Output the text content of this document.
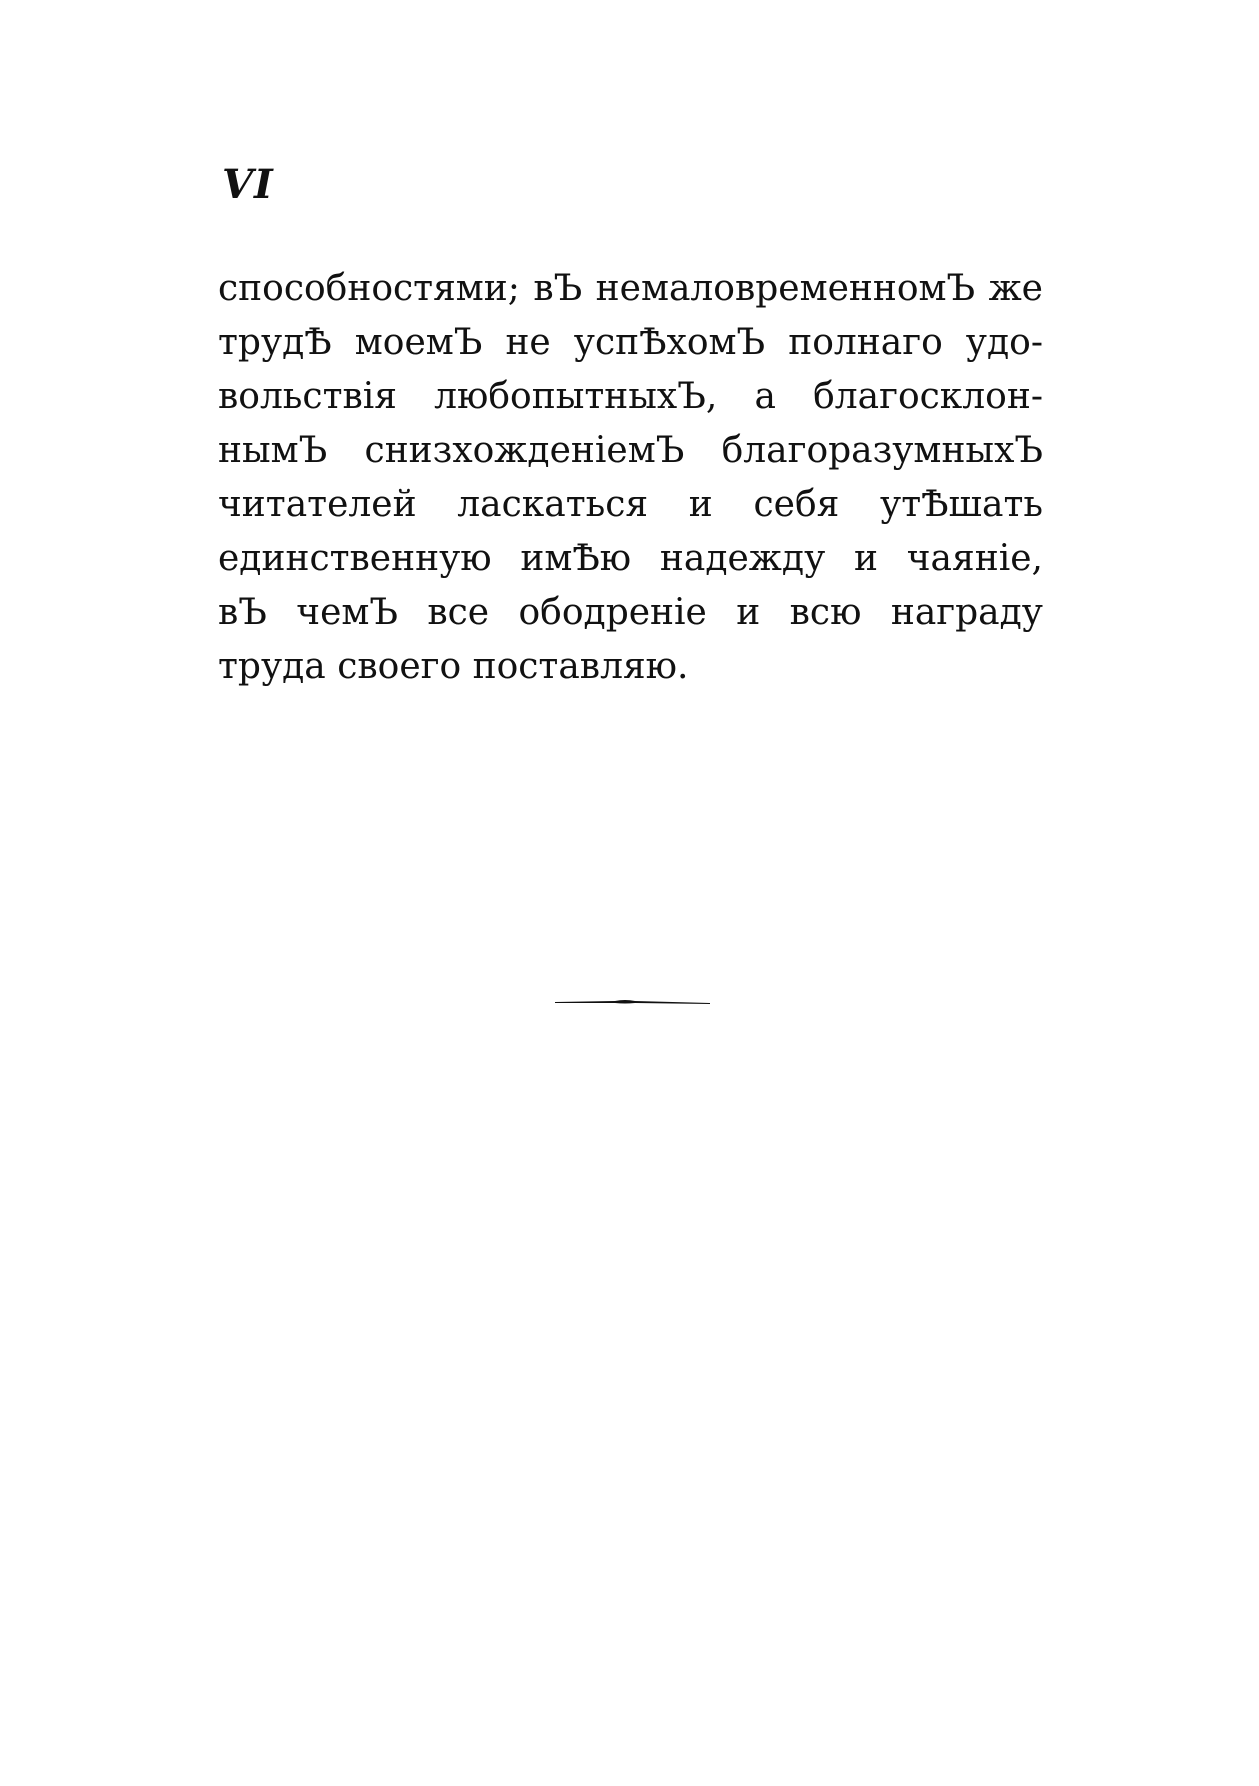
VI
способностями; вЪ немаловременномЪ же
трудѢ моемЪ не успѢхомЪ полнаго удо-
вольствія любопытныхЪ, а благосклон-
нымЪ снизхожденіемЪ благоразумныхЪ
читателей ласкаться и себя утѢшать
единственную имѢю надежду и чаяніе,
вЪ чемЪ все ободреніе и всю награду
труда своего поставляю.
